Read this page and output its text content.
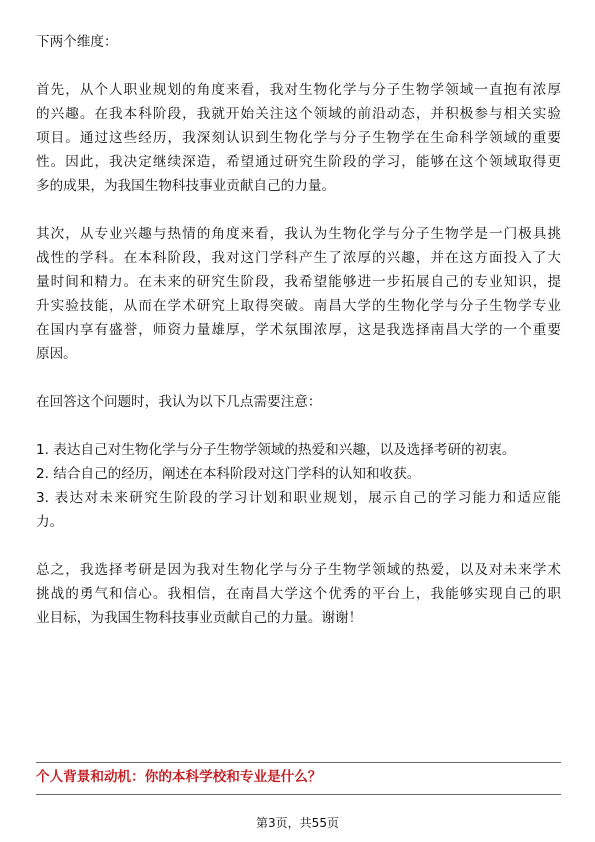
下两个维度：
首先，从个人职业规划的角度来看，我对生物化学与分子生物学领域一直抱有浓厚
的兴趣。在我本科阶段，我就开始关注这个领域的前沿动态，并积极参与相关实验
项目。通过这些经历，我深刻认识到生物化学与分子生物学在生命科学领域的重要
性。因此，我决定继续深造，希望通过研究生阶段的学习，能够在这个领域取得更
多的成果，为我国生物科技事业贡献自己的力量。
其次，从专业兴趣与热情的角度来看，我认为生物化学与分子生物学是一门极具挑
战性的学科。在本科阶段，我对这门学科产生了浓厚的兴趣，并在这方面投入了大
量时间和精力。在未来的研究生阶段，我希望能够进一步拓展自己的专业知识，提
升实验技能，从而在学术研究上取得突破。南昌大学的生物化学与分子生物学专业
在国内享有盛誉，师资力量雄厚，学术氛围浓厚，这是我选择南昌大学的一个重要
原因。
在回答这个问题时，我认为以下几点需要注意：
1. 表达自己对生物化学与分子生物学领域的热爱和兴趣，以及选择考研的初衷。
2. 结合自己的经历，阐述在本科阶段对这门学科的认知和收获。
3. 表达对未来研究生阶段的学习计划和职业规划，展示自己的学习能力和适应能
力。
总之，我选择考研是因为我对生物化学与分子生物学领域的热爱，以及对未来学术
挑战的勇气和信心。我相信，在南昌大学这个优秀的平台上，我能够实现自己的职
业目标，为我国生物科技事业贡献自己的力量。谢谢！
个人背景和动机：你的本科学校和专业是什么？
第3页，共55页
